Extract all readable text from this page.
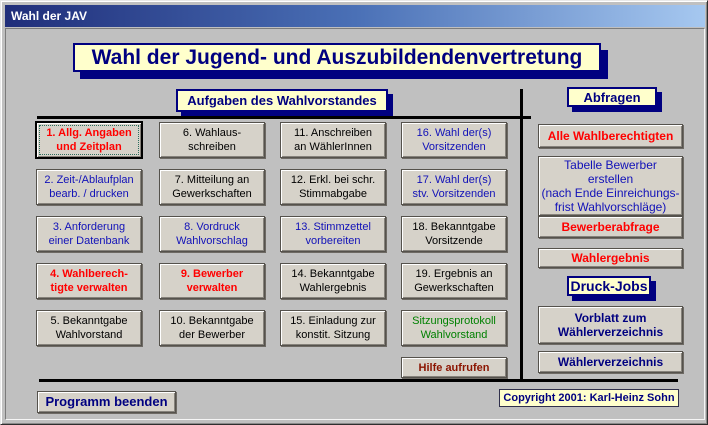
Wahl der JAV
Wahl der Jugend- und Auszubildendenvertretung
Aufgaben des Wahlvorstandes	Abfragen
Druck-Jobs
1. Allg. Angaben
und Zeitplan
2. Zeit-/Ablaufplan
bearb. / drucken
3. Anforderung
einer Datenbank
4. Wahlberech-
tigte verwalten
5. Bekanntgabe
Wahlvorstand
6. Wahlaus-
schreiben
7. Mitteilung an
Gewerkschaften
8. Vordruck
Wahlvorschlag
9. Bewerber
verwalten
10. Bekanntgabe
der Bewerber
11. Anschreiben
an WählerInnen
12. Erkl. bei schr.
Stimmabgabe
13. Stimmzettel
vorbereiten
14. Bekanntgabe
Wahlergebnis
15. Einladung zur
konstit. Sitzung
16. Wahl der(s)
Vorsitzenden
17. Wahl der(s)
stv. Vorsitzenden
18. Bekanntgabe
Vorsitzende
19. Ergebnis an
Gewerkschaften
Sitzungsprotokoll
Wahlvorstand
Hilfe aufrufen
Alle Wahlberechtigten
Tabelle Bewerber erstellen
(nach Ende Einreichungs-
frist Wahlvorschläge)
Bewerberabfrage
Wahlergebnis
Vorblatt zum
Wählerverzeichnis
Wählerverzeichnis
Programm beenden	Copyright 2001: Karl-Heinz Sohn
